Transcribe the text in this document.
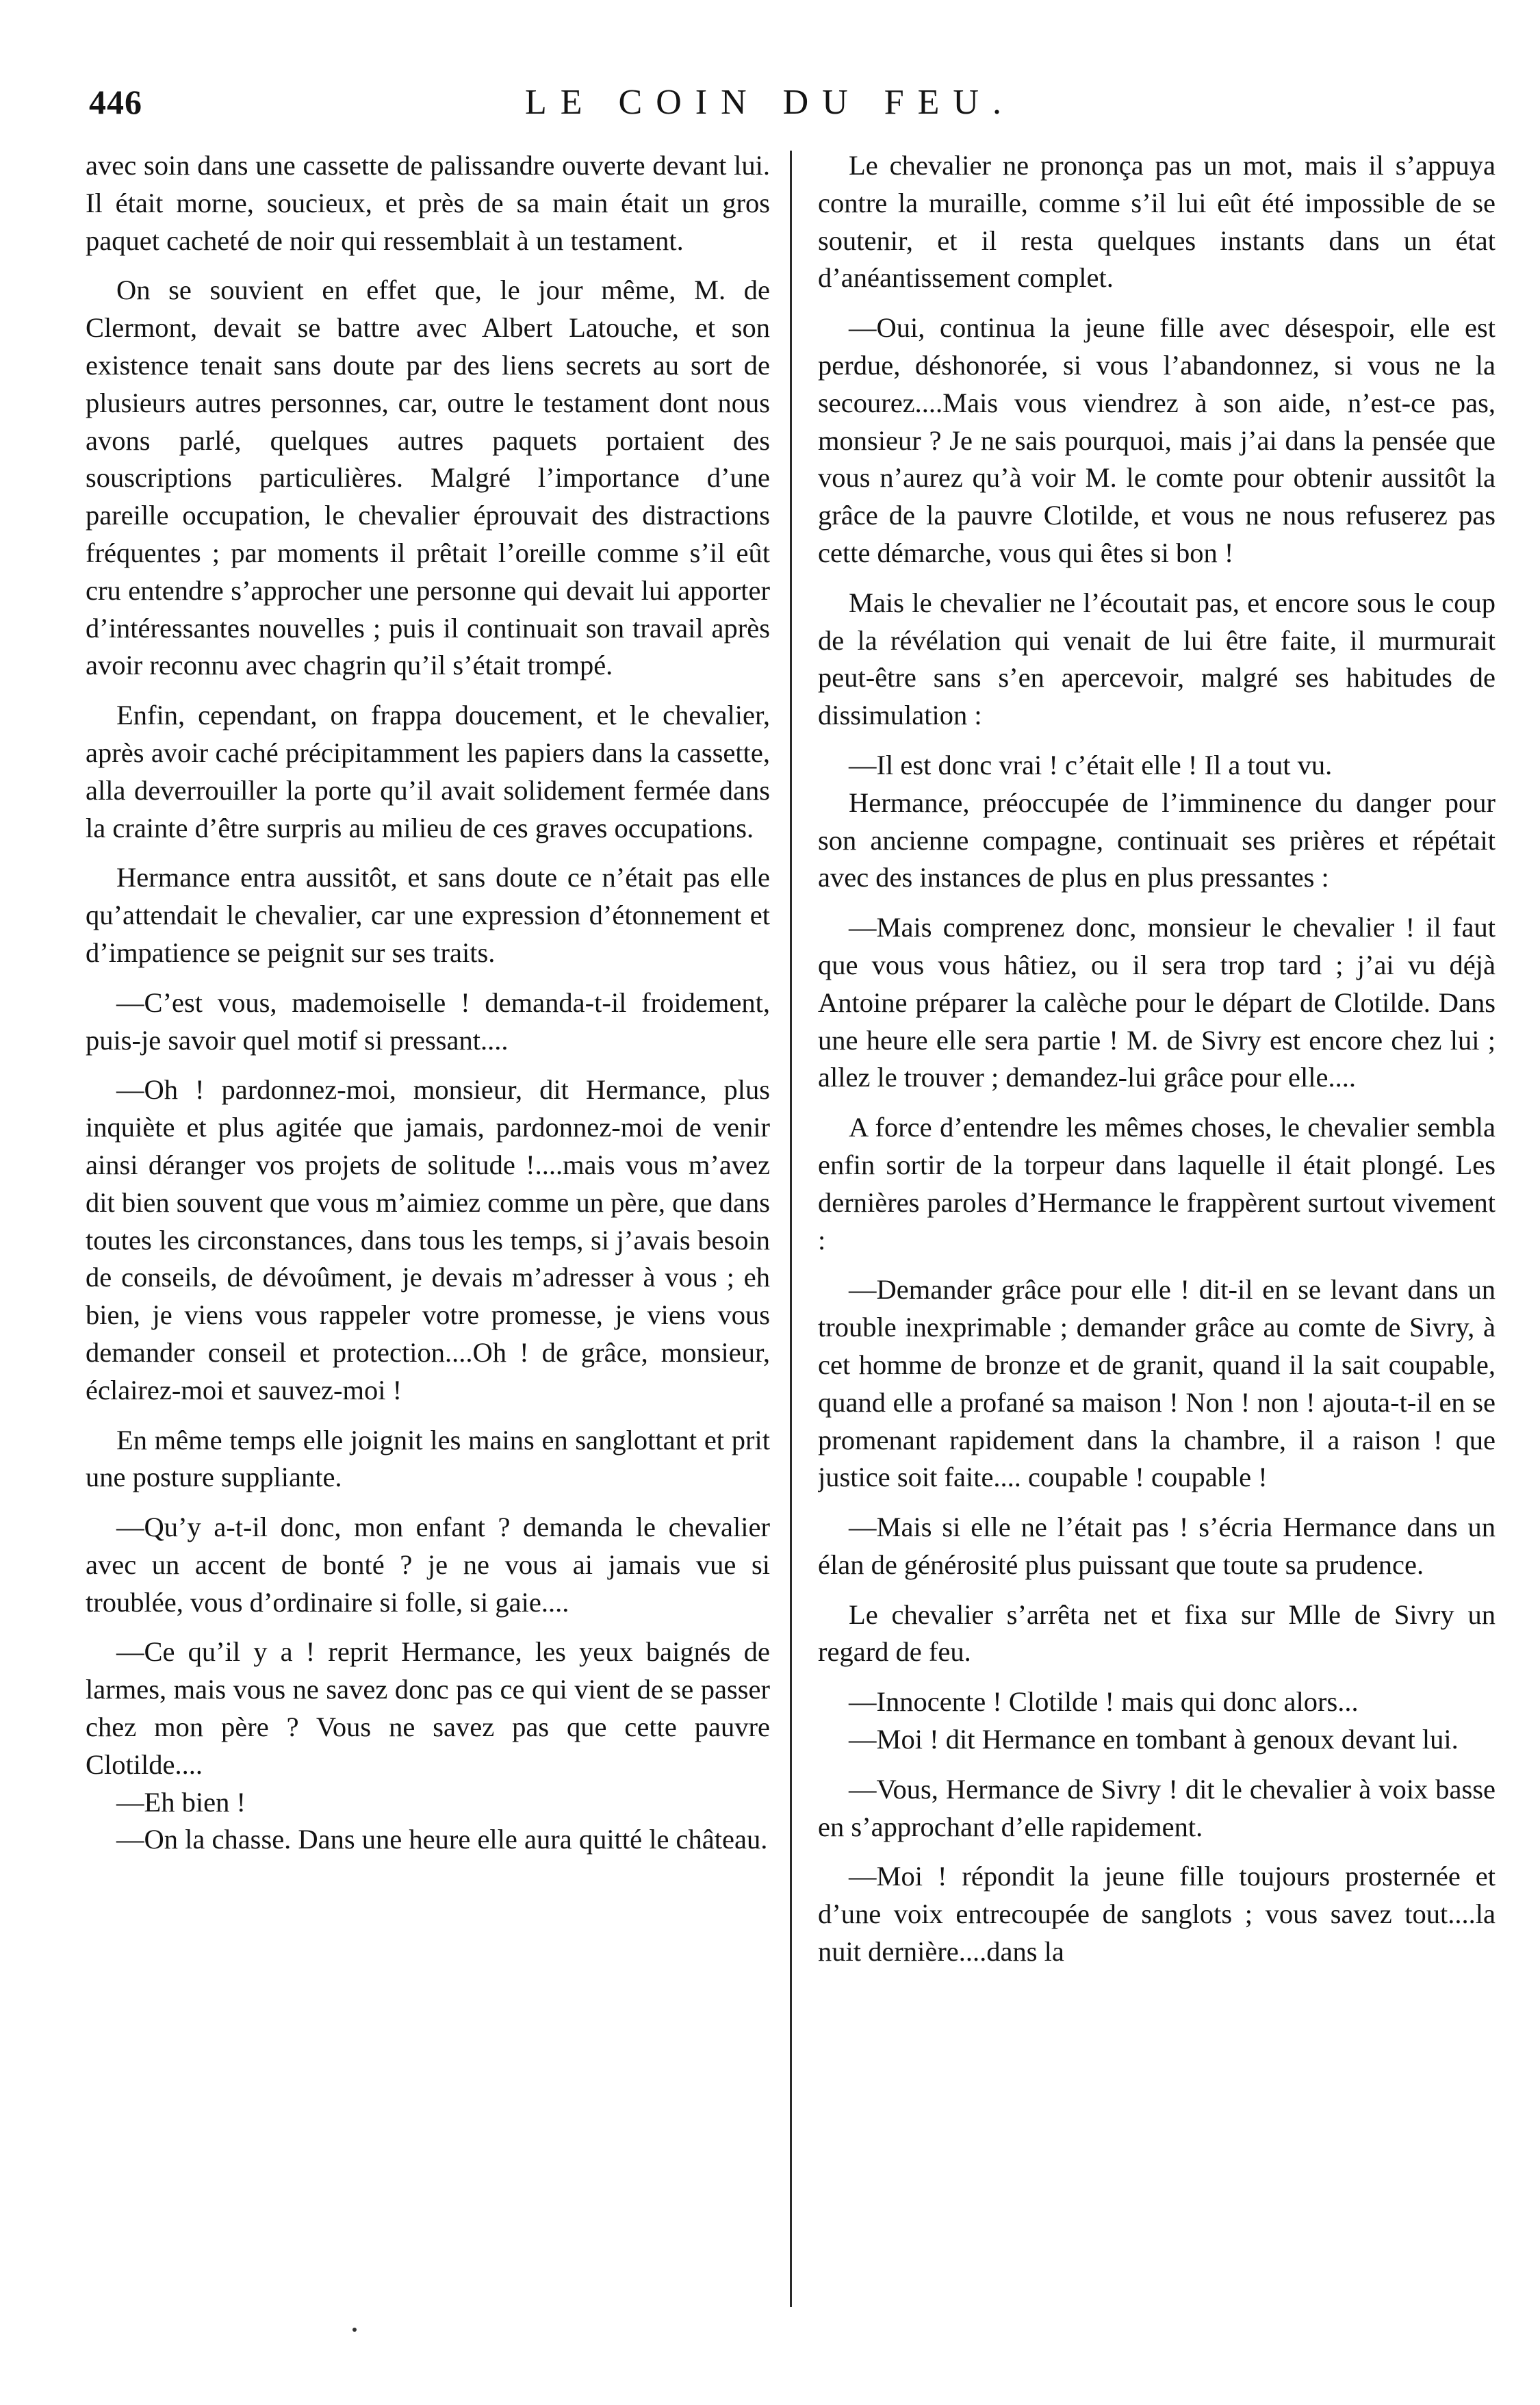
446	LE COIN DU FEU.

avec soin dans une cassette de palissandre ouverte devant lui. Il était morne, soucieux, et près de sa main était un gros paquet cacheté de noir qui ressemblait à un testament.

On se souvient en effet que, le jour même, M. de Clermont, devait se battre avec Albert Latouche, et son existence tenait sans doute par des liens secrets au sort de plusieurs autres personnes, car, outre le testament dont nous avons parlé, quelques autres paquets portaient des souscriptions particulières. Malgré l’importance d’une pareille occupation, le chevalier éprouvait des distractions fréquentes ; par moments il prêtait l’oreille comme s’il eût cru entendre s’approcher une personne qui devait lui apporter d’intéressantes nouvelles ; puis il continuait son travail après avoir reconnu avec chagrin qu’il s’était trompé.

Enfin, cependant, on frappa doucement, et le chevalier, après avoir caché précipitamment les papiers dans la cassette, alla deverrouiller la porte qu’il avait solidement fermée dans la crainte d’être surpris au milieu de ces graves occupations.

Hermance entra aussitôt, et sans doute ce n’était pas elle qu’attendait le chevalier, car une expression d’étonnement et d’impatience se peignit sur ses traits.

—C’est vous, mademoiselle ! demanda-t-il froidement, puis-je savoir quel motif si pressant....

—Oh ! pardonnez-moi, monsieur, dit Hermance, plus inquiète et plus agitée que jamais, pardonnez-moi de venir ainsi déranger vos projets de solitude !....mais vous m’avez dit bien souvent que vous m’aimiez comme un père, que dans toutes les circonstances, dans tous les temps, si j’avais besoin de conseils, de dévoûment, je devais m’adresser à vous ; eh bien, je viens vous rappeler votre promesse, je viens vous demander conseil et protection....Oh ! de grâce, monsieur, éclairez-moi et sauvez-moi !

En même temps elle joignit les mains en sanglottant et prit une posture suppliante.

—Qu’y a-t-il donc, mon enfant ? demanda le chevalier avec un accent de bonté ? je ne vous ai jamais vue si troublée, vous d’ordinaire si folle, si gaie....

—Ce qu’il y a ! reprit Hermance, les yeux baignés de larmes, mais vous ne savez donc pas ce qui vient de se passer chez mon père ? Vous ne savez pas que cette pauvre Clotilde....

—Eh bien !

—On la chasse. Dans une heure elle aura quitté le château.

Le chevalier ne prononça pas un mot, mais il s’appuya contre la muraille, comme s’il lui eût été impossible de se soutenir, et il resta quelques instants dans un état d’anéantissement complet.

—Oui, continua la jeune fille avec désespoir, elle est perdue, déshonorée, si vous l’abandonnez, si vous ne la secourez....Mais vous viendrez à son aide, n’est-ce pas, monsieur ? Je ne sais pourquoi, mais j’ai dans la pensée que vous n’aurez qu’à voir M. le comte pour obtenir aussitôt la grâce de la pauvre Clotilde, et vous ne nous refuserez pas cette démarche, vous qui êtes si bon !

Mais le chevalier ne l’écoutait pas, et encore sous le coup de la révélation qui venait de lui être faite, il murmurait peut-être sans s’en apercevoir, malgré ses habitudes de dissimulation :

—Il est donc vrai ! c’était elle ! Il a tout vu.

Hermance, préoccupée de l’imminence du danger pour son ancienne compagne, continuait ses prières et répétait avec des instances de plus en plus pressantes :

—Mais comprenez donc, monsieur le chevalier ! il faut que vous vous hâtiez, ou il sera trop tard ; j’ai vu déjà Antoine préparer la calèche pour le départ de Clotilde. Dans une heure elle sera partie ! M. de Sivry est encore chez lui ; allez le trouver ; demandez-lui grâce pour elle....

A force d’entendre les mêmes choses, le chevalier sembla enfin sortir de la torpeur dans laquelle il était plongé. Les dernières paroles d’Hermance le frappèrent surtout vivement :

—Demander grâce pour elle ! dit-il en se levant dans un trouble inexprimable ; demander grâce au comte de Sivry, à cet homme de bronze et de granit, quand il la sait coupable, quand elle a profané sa maison ! Non ! non ! ajouta-t-il en se promenant rapidement dans la chambre, il a raison ! que justice soit faite.... coupable ! coupable !

—Mais si elle ne l’était pas ! s’écria Hermance dans un élan de générosité plus puissant que toute sa prudence.

Le chevalier s’arrêta net et fixa sur Mlle de Sivry un regard de feu.

—Innocente ! Clotilde ! mais qui donc alors...

—Moi ! dit Hermance en tombant à genoux devant lui.

—Vous, Hermance de Sivry ! dit le chevalier à voix basse en s’approchant d’elle rapidement.

—Moi ! répondit la jeune fille toujours prosternée et d’une voix entrecoupée de sanglots ; vous savez tout....la nuit dernière....dans la
